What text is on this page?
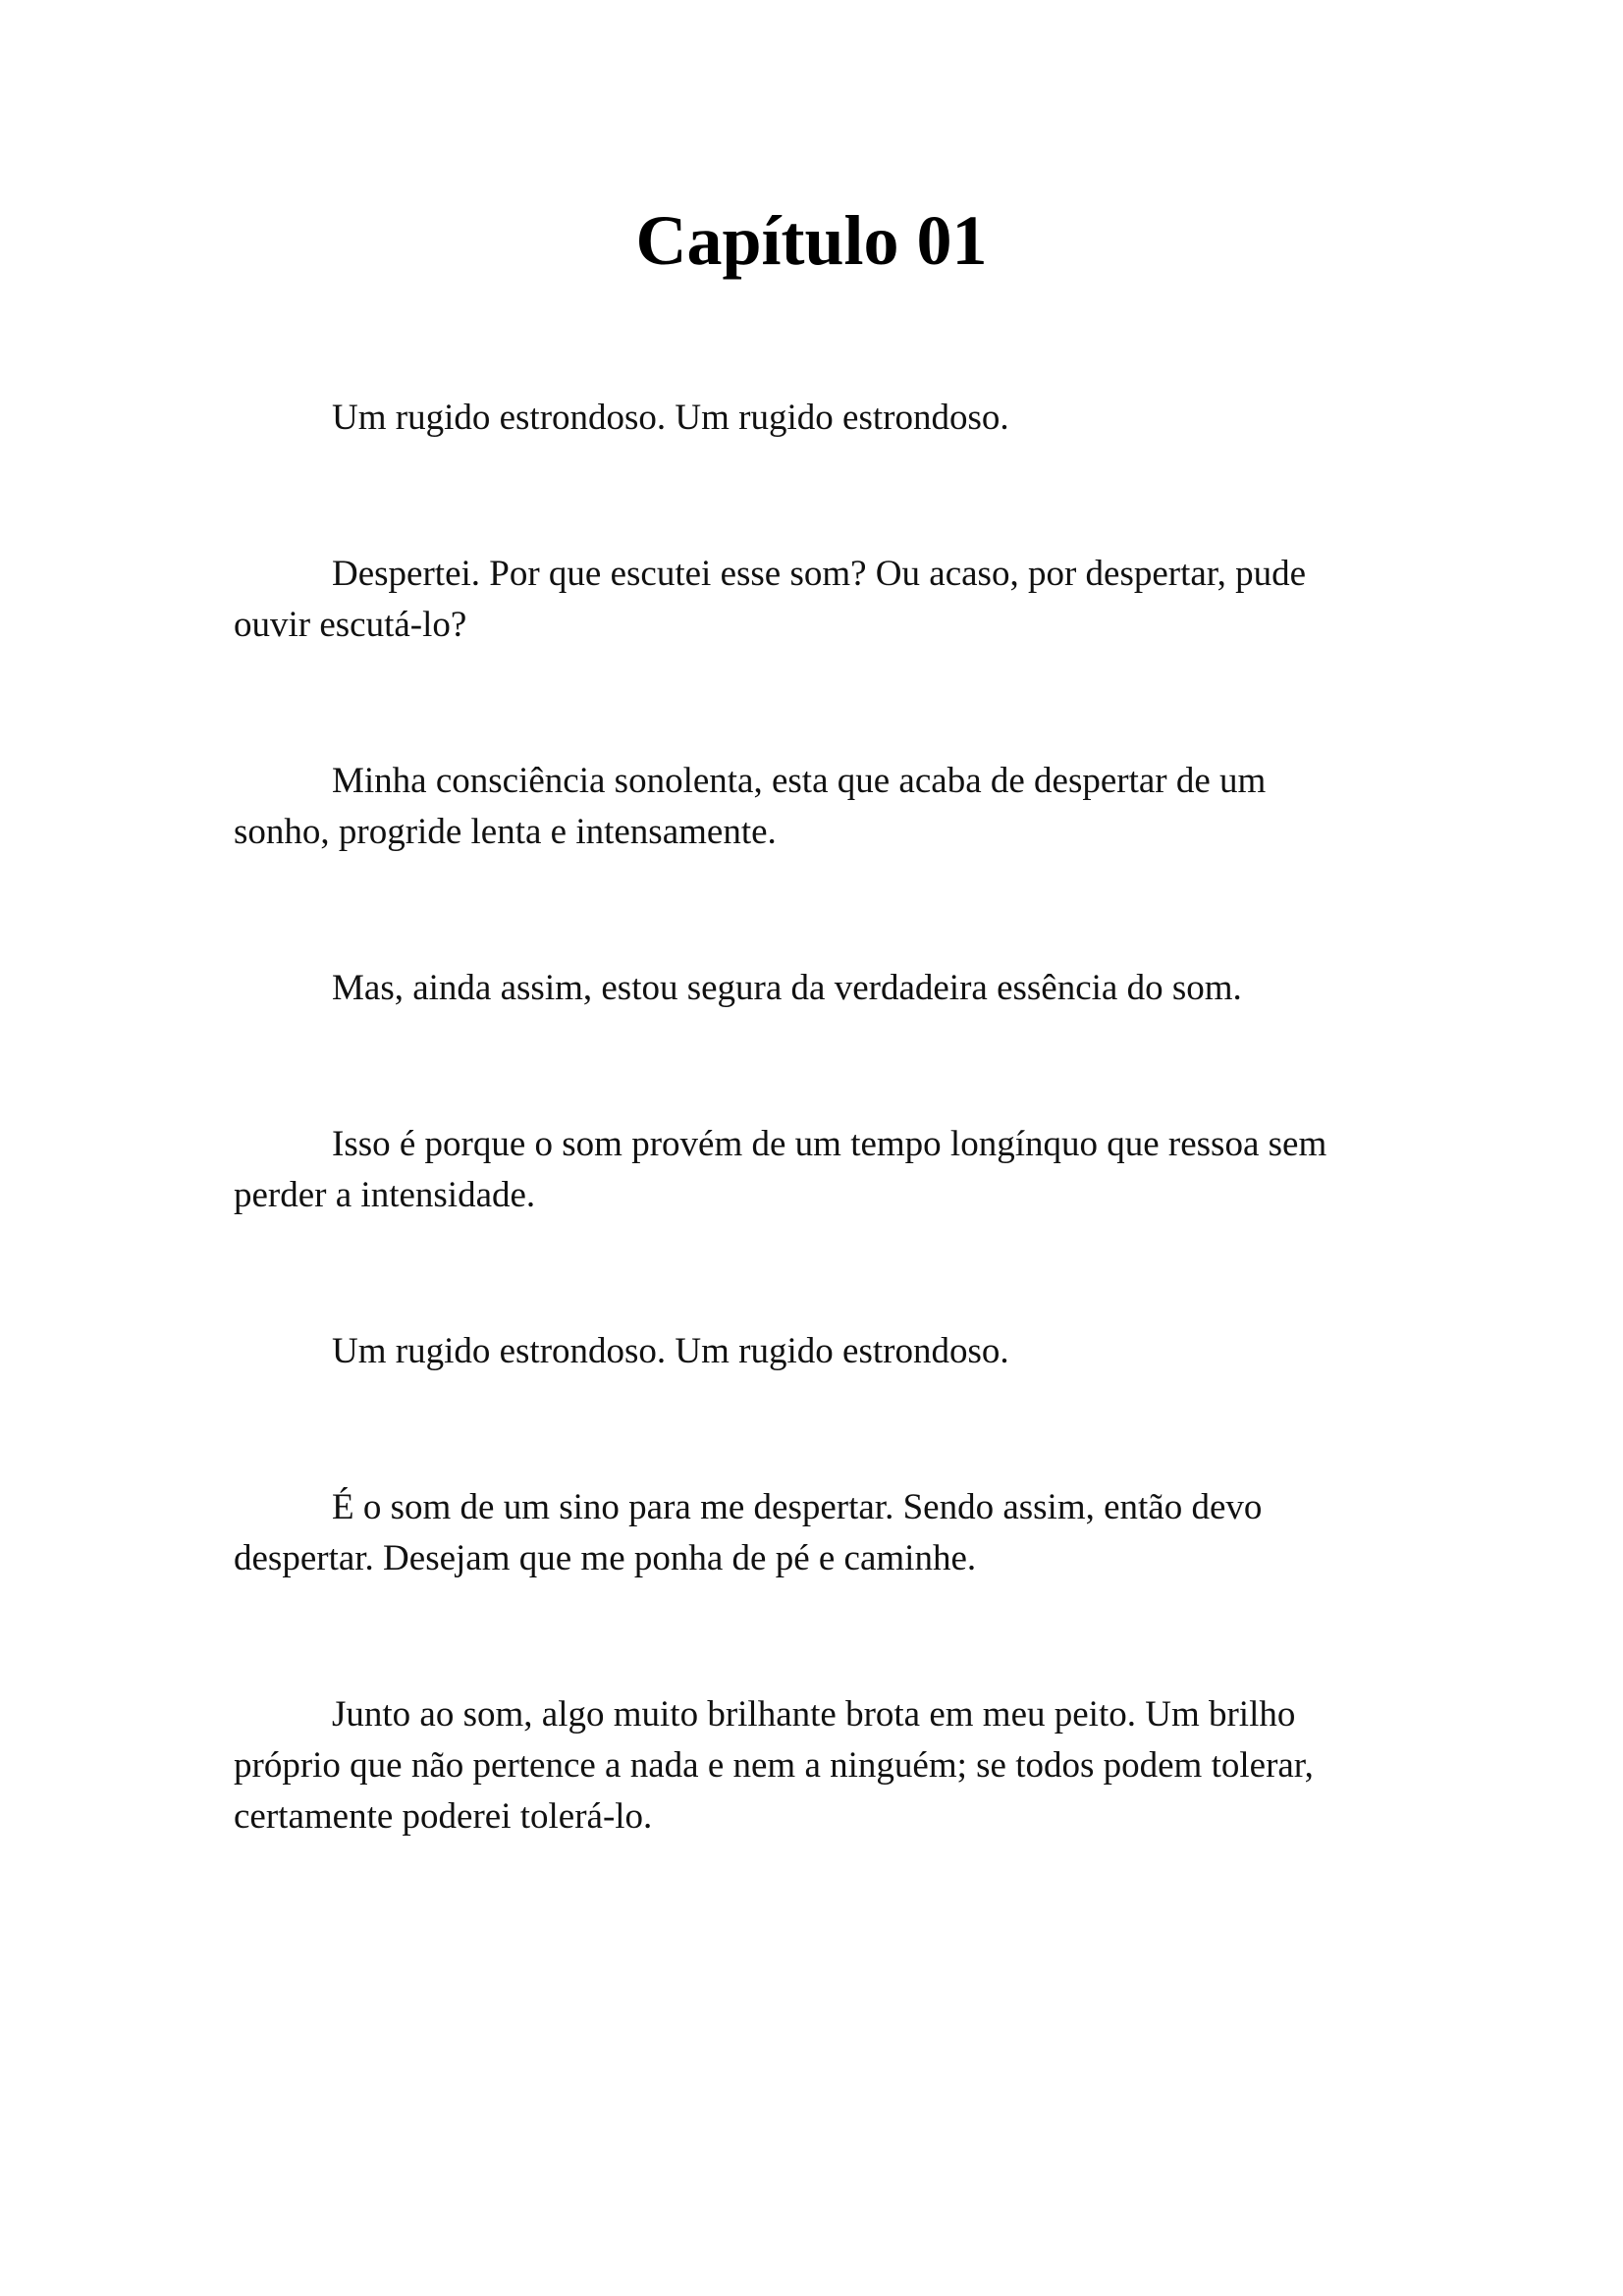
Capítulo 01

Um rugido estrondoso. Um rugido estrondoso.

Despertei. Por que escutei esse som? Ou acaso, por despertar, pude
ouvir escutá-lo?

Minha consciência sonolenta, esta que acaba de despertar de um
sonho, progride lenta e intensamente.

Mas, ainda assim, estou segura da verdadeira essência do som.

Isso é porque o som provém de um tempo longínquo que ressoa sem
perder a intensidade.

Um rugido estrondoso. Um rugido estrondoso.

É o som de um sino para me despertar. Sendo assim, então devo
despertar. Desejam que me ponha de pé e caminhe.

Junto ao som, algo muito brilhante brota em meu peito. Um brilho
próprio que não pertence a nada e nem a ninguém; se todos podem tolerar,
certamente poderei tolerá-lo.
